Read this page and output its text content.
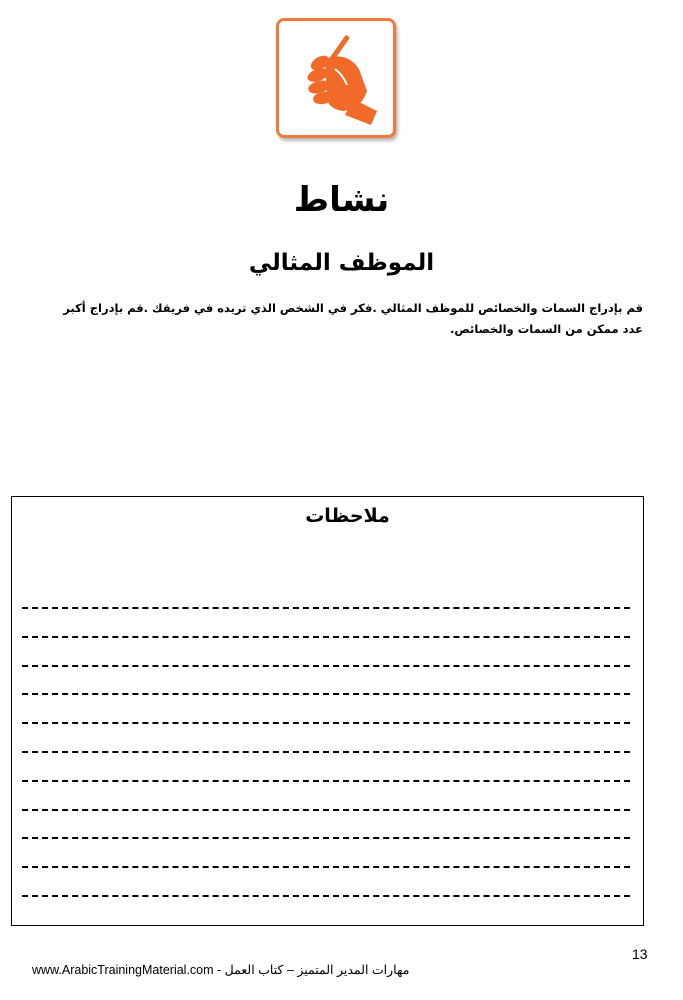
نشاط
الموظف المثالي
قم بإدراج السمات والخصائص للموظف المثالي .فكر في الشخص الذي تريده في فريقك .قم بإدراج أكبر عدد ممكن من السمات والخصائص.
ملاحظات
13
www.ArabicTrainingMaterial.com - مهارات المدير المتميز – كتاب العمل
